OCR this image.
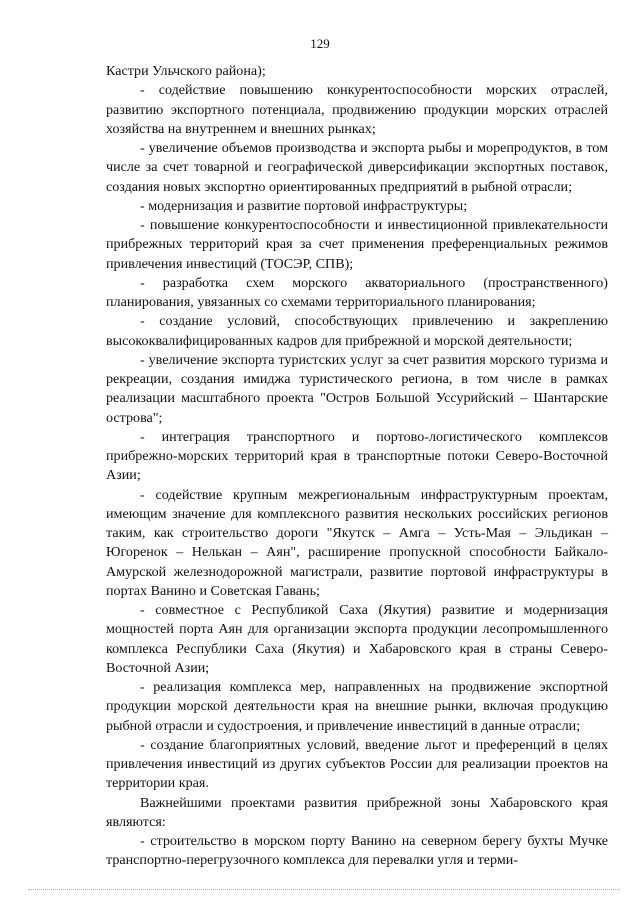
129

Кастри Ульчского района);

- содействие повышению конкурентоспособности морских отраслей, развитию экспортного потенциала, продвижению продукции морских отраслей хозяйства на внутреннем и внешних рынках;

- увеличение объемов производства и экспорта рыбы и морепродуктов, в том числе за счет товарной и географической диверсификации экспортных поставок, создания новых экспортно ориентированных предприятий в рыбной отрасли;

- модернизация и развитие портовой инфраструктуры;

- повышение конкурентоспособности и инвестиционной привлекательности прибрежных территорий края за счет применения преференциальных режимов привлечения инвестиций (ТОСЭР, СПВ);

- разработка схем морского акваториального (пространственного) планирования, увязанных со схемами территориального планирования;

- создание условий, способствующих привлечению и закреплению высококвалифицированных кадров для прибрежной и морской деятельности;

- увеличение экспорта туристских услуг за счет развития морского туризма и рекреации, создания имиджа туристического региона, в том числе в рамках реализации масштабного проекта "Остров Большой Уссурийский – Шантарские острова";

- интеграция транспортного и портово-логистического комплексов прибрежно-морских территорий края в транспортные потоки Северо-Восточной Азии;

- содействие крупным межрегиональным инфраструктурным проектам, имеющим значение для комплексного развития нескольких российских регионов таким, как строительство дороги "Якутск – Амга – Усть-Мая – Эльдикан – Югоренок – Нелькан – Аян", расширение пропускной способности Байкало-Амурской железнодорожной магистрали, развитие портовой инфраструктуры в портах Ванино и Советская Гавань;

- совместное с Республикой Саха (Якутия) развитие и модернизация мощностей порта Аян для организации экспорта продукции лесопромышленного комплекса Республики Саха (Якутия) и Хабаровского края в страны Северо-Восточной Азии;

- реализация комплекса мер, направленных на продвижение экспортной продукции морской деятельности края на внешние рынки, включая продукцию рыбной отрасли и судостроения, и привлечение инвестиций в данные отрасли;

- создание благоприятных условий, введение льгот и преференций в целях привлечения инвестиций из других субъектов России для реализации проектов на территории края.

Важнейшими проектами развития прибрежной зоны Хабаровского края являются:

- строительство в морском порту Ванино на северном берегу бухты Мучке транспортно-перегрузочного комплекса для перевалки угля и терми-
